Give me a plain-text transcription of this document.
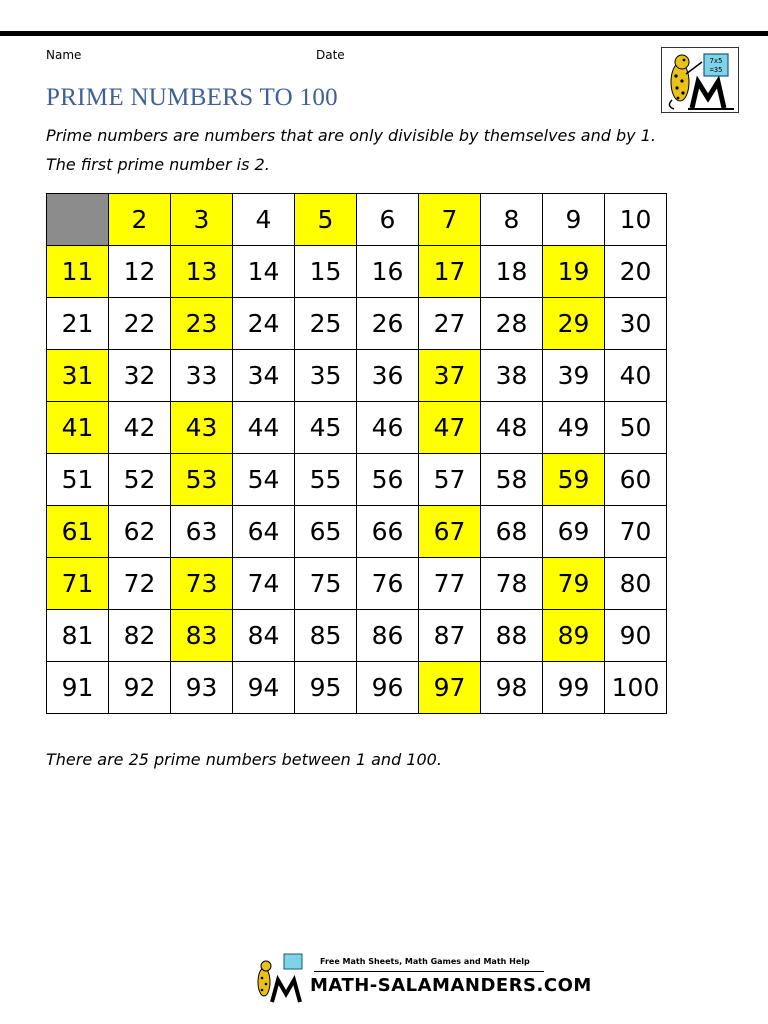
Name	Date	7x5
=35
PRIME NUMBERS TO 100
Prime numbers are numbers that are only divisible by themselves and by 1.
The first prime number is 2.
	2	3	4	5	6	7	8	9	10
11	12	13	14	15	16	17	18	19	20
21	22	23	24	25	26	27	28	29	30
31	32	33	34	35	36	37	38	39	40
41	42	43	44	45	46	47	48	49	50
51	52	53	54	55	56	57	58	59	60
61	62	63	64	65	66	67	68	69	70
71	72	73	74	75	76	77	78	79	80
81	82	83	84	85	86	87	88	89	90
91	92	93	94	95	96	97	98	99	100
There are 25 prime numbers between 1 and 100.
Free Math Sheets, Math Games and Math Help
MATH-SALAMANDERS.COM
